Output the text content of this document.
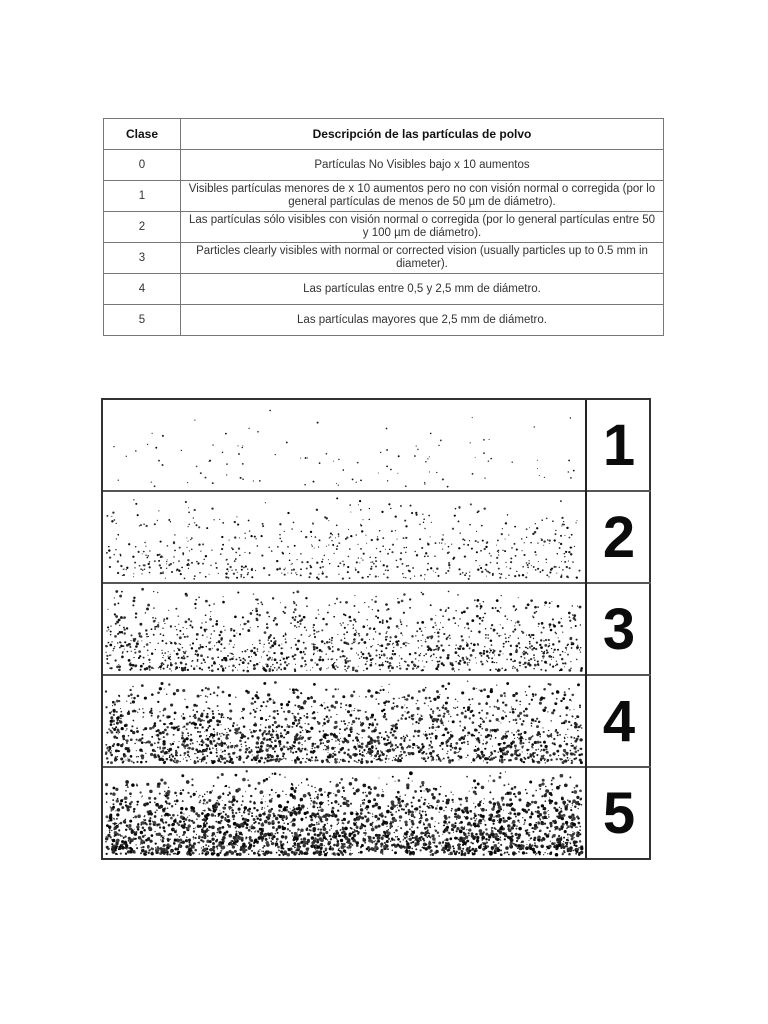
Clase	Descripción de las partículas de polvo
0	Partículas No Visibles bajo x 10 aumentos
1	Visibles partículas menores de x 10 aumentos pero no con visión normal o corregida (por lo general partículas de menos de 50 µm de diámetro).
2	Las partículas sólo visibles con visión normal o corregida (por lo general partículas entre 50 y 100 µm de diámetro).
3	Particles clearly visibles with normal or corrected vision (usually particles up to 0.5 mm in diameter).
4	Las partículas entre 0,5 y 2,5 mm de diámetro.
5	Las partículas mayores que 2,5 mm de diámetro.
1
2
3
4
5
